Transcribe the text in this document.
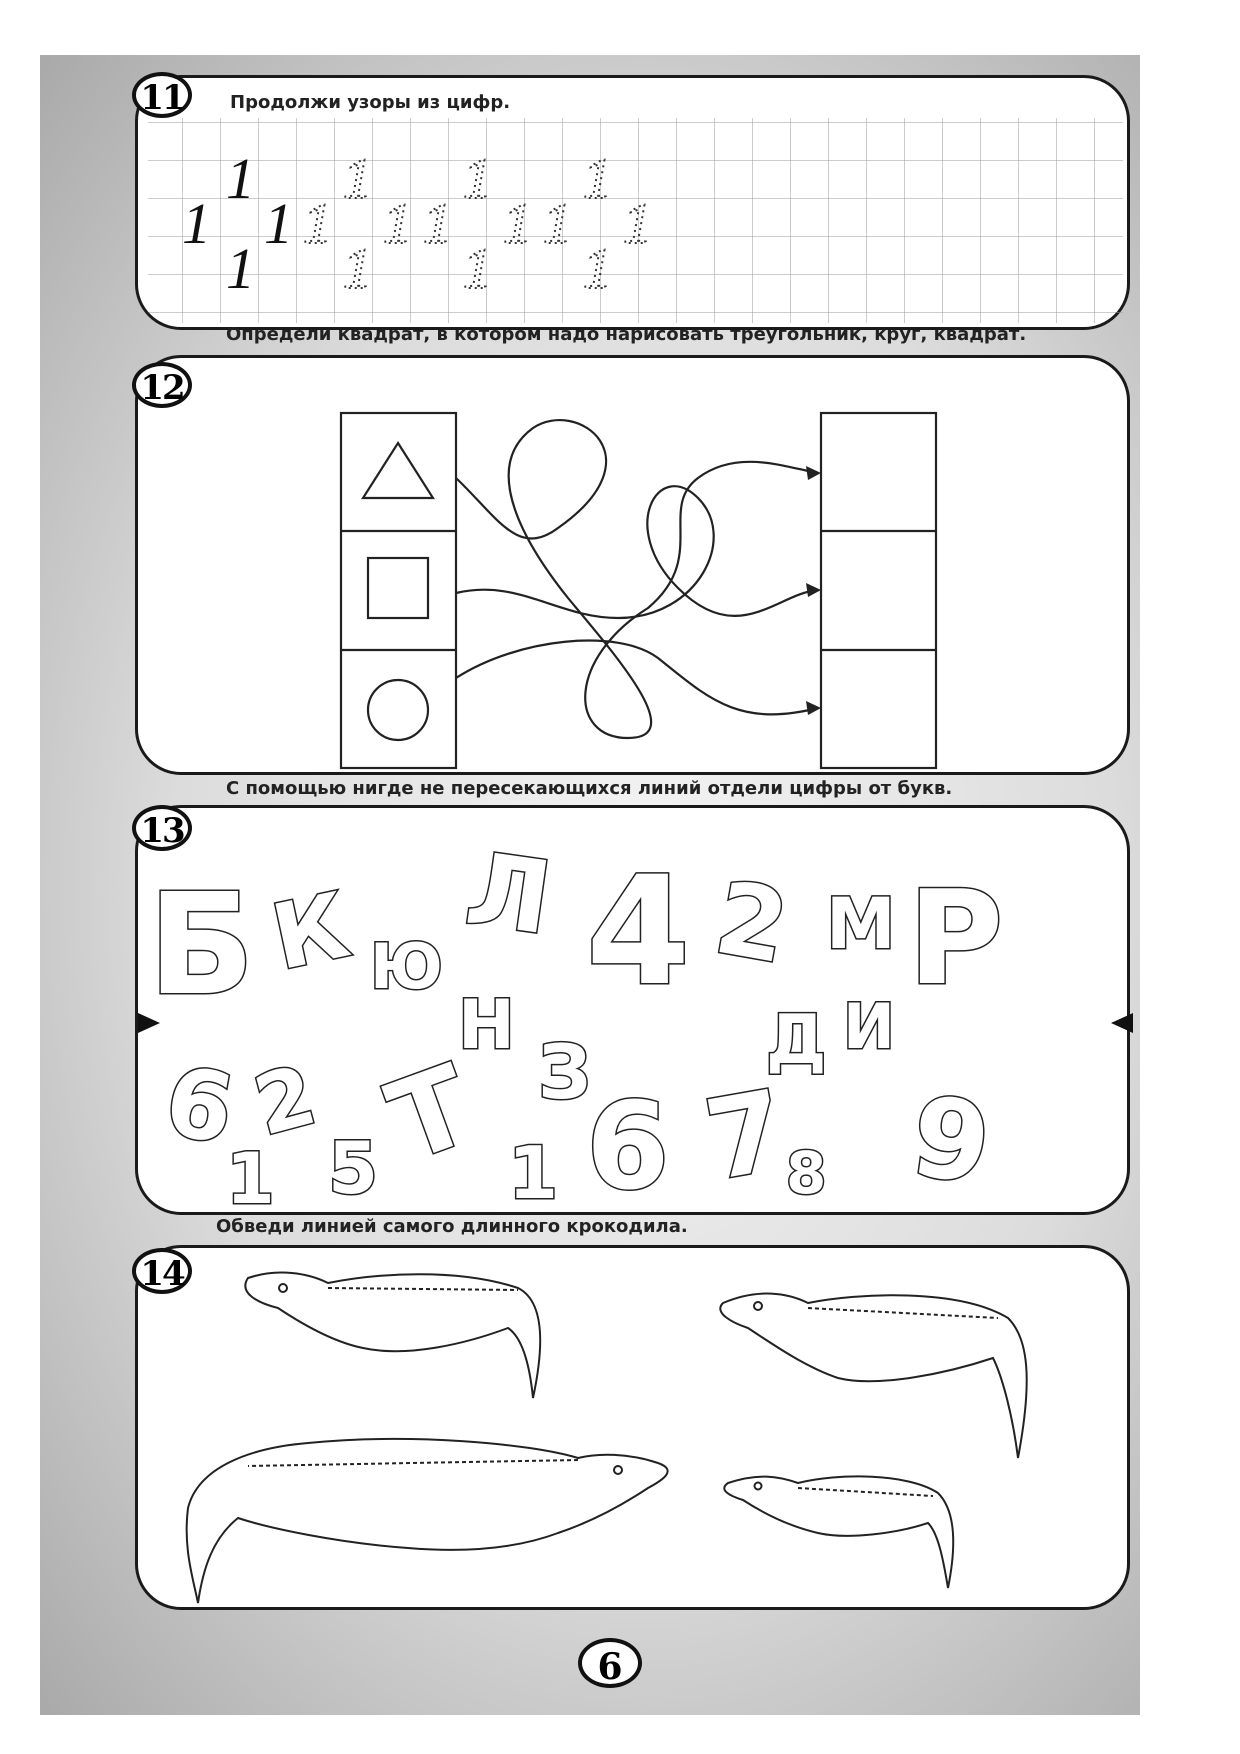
1
1 1
1
1
1 1
1
1
1 1
1
1
1 1
1
Продолжи узоры из цифр.
11
Определи квадрат, в котором надо нарисовать треугольник, круг, квадрат.
12
Б К Ю
Л
Н
Т
4 2 М Р
З	Д И
6 2
1 5 1 6 7
8 9
С помощью нигде не пересекающихся линий отдели цифры от букв.
13
Обведи линией самого длинного крокодила.
14
6
